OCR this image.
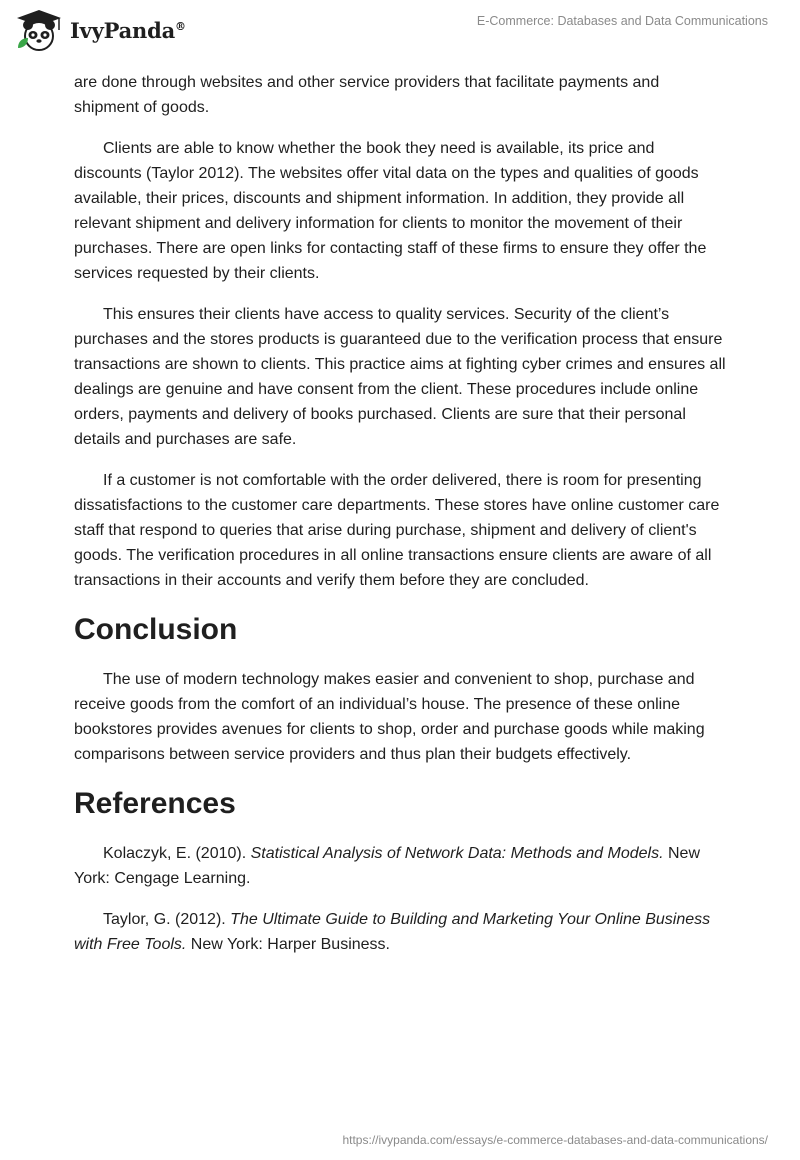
IvyPanda®	E-Commerce: Databases and Data Communications

are done through websites and other service providers that facilitate payments and shipment of goods.

Clients are able to know whether the book they need is available, its price and discounts (Taylor 2012). The websites offer vital data on the types and qualities of goods available, their prices, discounts and shipment information. In addition, they provide all relevant shipment and delivery information for clients to monitor the movement of their purchases. There are open links for contacting staff of these firms to ensure they offer the services requested by their clients.

This ensures their clients have access to quality services. Security of the client’s purchases and the stores products is guaranteed due to the verification process that ensure transactions are shown to clients. This practice aims at fighting cyber crimes and ensures all dealings are genuine and have consent from the client. These procedures include online orders, payments and delivery of books purchased. Clients are sure that their personal details and purchases are safe.

If a customer is not comfortable with the order delivered, there is room for presenting dissatisfactions to the customer care departments. These stores have online customer care staff that respond to queries that arise during purchase, shipment and delivery of client's goods. The verification procedures in all online transactions ensure clients are aware of all transactions in their accounts and verify them before they are concluded.

Conclusion

The use of modern technology makes easier and convenient to shop, purchase and receive goods from the comfort of an individual’s house. The presence of these online bookstores provides avenues for clients to shop, order and purchase goods while making comparisons between service providers and thus plan their budgets effectively.

References

Kolaczyk, E. (2010). Statistical Analysis of Network Data: Methods and Models. New York: Cengage Learning.

Taylor, G. (2012). The Ultimate Guide to Building and Marketing Your Online Business with Free Tools. New York: Harper Business.

https://ivypanda.com/essays/e-commerce-databases-and-data-communications/
